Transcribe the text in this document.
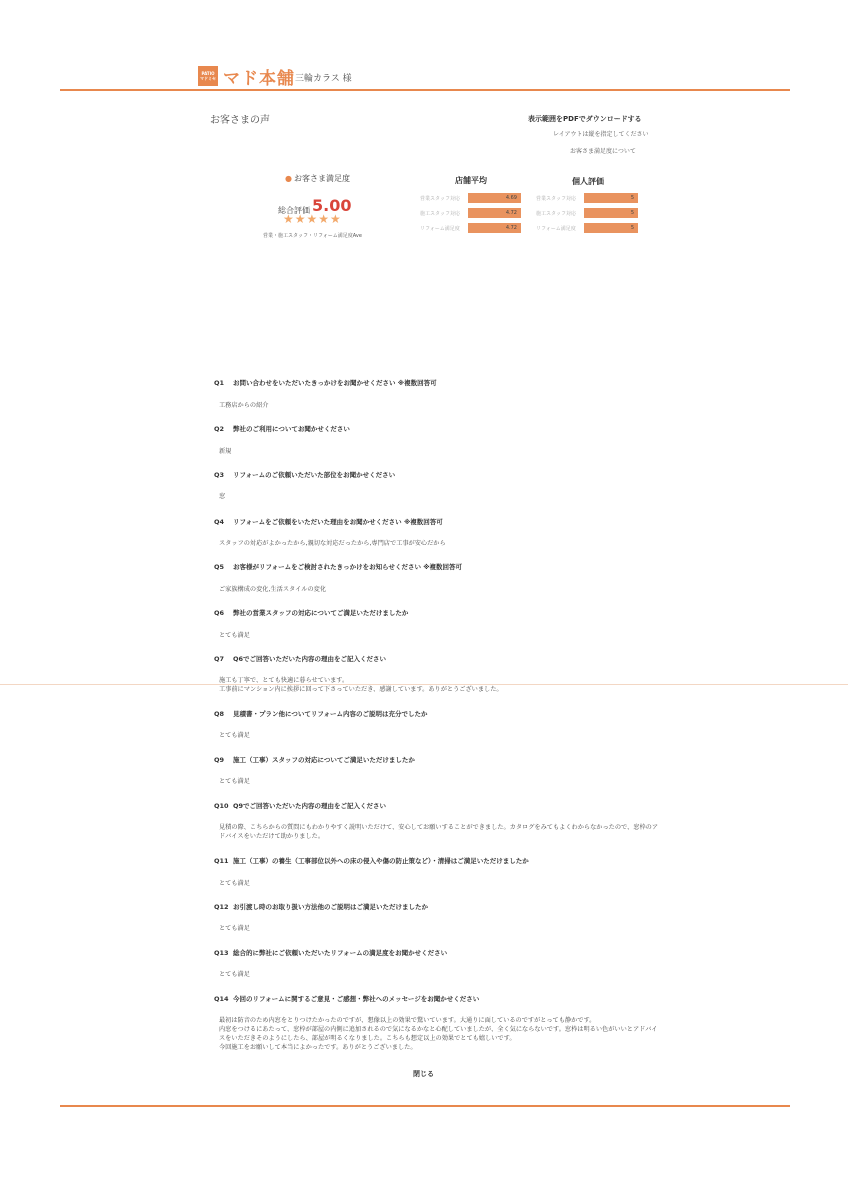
PATIO
マドミセ マド本舗 三輪カラス 様
お客さまの声	表示範囲をPDFでダウンロードする
レイアウトは縦を指定してください
お客さま満足度について
● お客さま満足度
総合評価 5.00
★★★★★
営業・施工スタッフ・リフォーム満足度Ave
店舗平均	個人評価
営業スタッフ対応	4.69
施工スタッフ対応	4.72
リフォーム満足度	4.72
営業スタッフ対応	5
施工スタッフ対応	5
リフォーム満足度	5
Q1 お問い合わせをいただいたきっかけをお聞かせください ※複数回答可
工務店からの紹介
Q2 弊社のご利用についてお聞かせください
新規
Q3 リフォームのご依頼いただいた部位をお聞かせください
窓
Q4 リフォームをご依頼をいただいた理由をお聞かせください ※複数回答可
スタッフの対応がよかったから,親切な対応だったから,専門店で工事が安心だから
Q5 お客様がリフォームをご検討されたきっかけをお知らせください ※複数回答可
ご家族構成の変化,生活スタイルの変化
Q6 弊社の営業スタッフの対応についてご満足いただけましたか
とても満足
Q7 Q6でご回答いただいた内容の理由をご記入ください
施工も丁寧で、とても快適に暮らせています。
工事前にマンション内に挨拶に回って下さっていただき、感謝しています。ありがとうございました。
Q8 見積書・プラン他についてリフォーム内容のご説明は充分でしたか
とても満足
Q9 施工（工事）スタッフの対応についてご満足いただけましたか
とても満足
Q10 Q9でご回答いただいた内容の理由をご記入ください
見積の際、こちらからの質問にもわかりやすく説明いただけて、安心してお願いすることができました。カタログをみてもよくわからなかったので、窓枠のアドバイスをいただけて助かりました。
Q11 施工（工事）の養生（工事部位以外への床の侵入や傷の防止策など）・清掃はご満足いただけましたか
とても満足
Q12 お引渡し時のお取り扱い方法他のご説明はご満足いただけましたか
とても満足
Q13 総合的に弊社にご依頼いただいたリフォームの満足度をお聞かせください
とても満足
Q14 今回のリフォームに関するご意見・ご感想・弊社へのメッセージをお聞かせください
最初は防音のため内窓をとりつけたかったのですが、想像以上の効果で驚いています。大通りに面しているのですがとっても静かです。
内窓をつけるにあたって、窓枠が部屋の内側に追加されるので気になるかなと心配していましたが、全く気にならないです。窓枠は明るい色がいいとアドバイスをいただきそのようにしたら、部屋が明るくなりました。こちらも想定以上の効果でとても嬉しいです。
今回施工をお願いして本当によかったです。ありがとうございました。
閉じる
